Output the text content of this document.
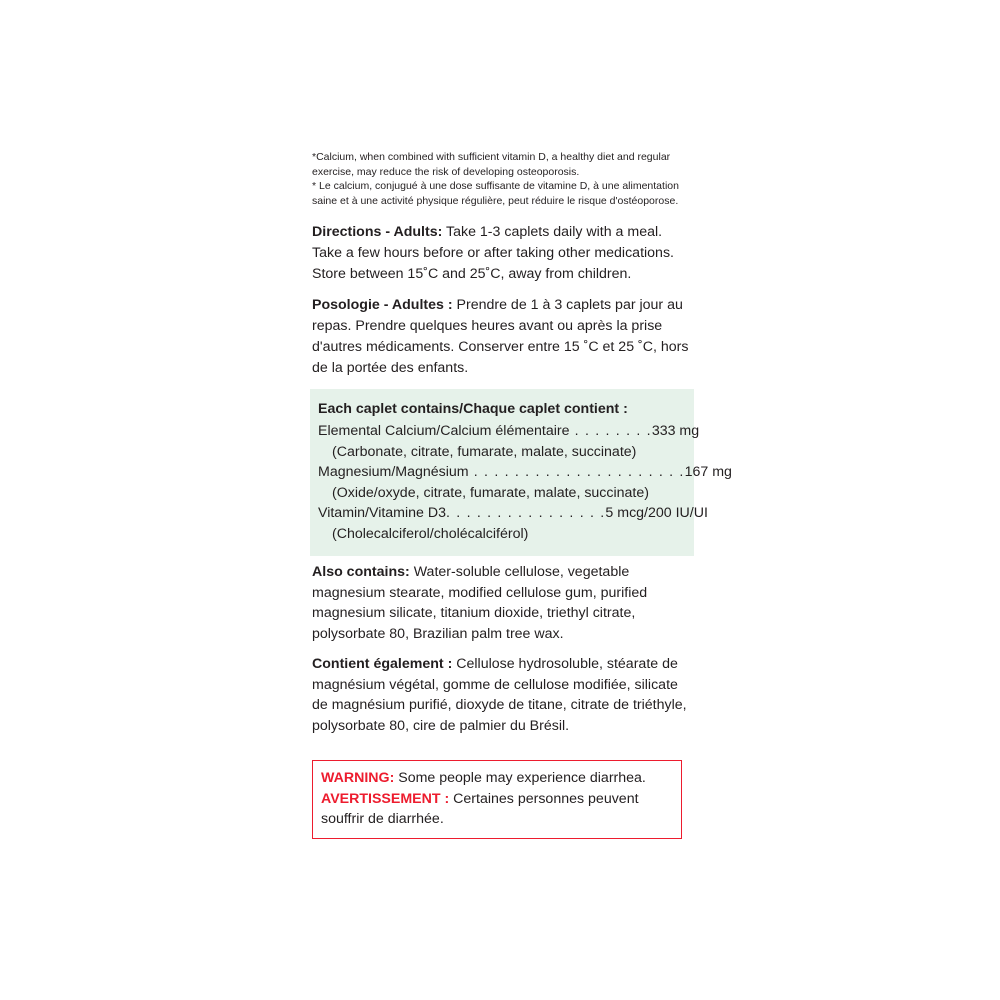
*Calcium, when combined with sufficient vitamin D, a healthy diet and regular exercise, may reduce the risk of developing osteoporosis.

* Le calcium, conjugué à une dose suffisante de vitamine D, à une alimentation saine et à une activité physique régulière, peut réduire le risque d'ostéoporose.

Directions - Adults: Take 1-3 caplets daily with a meal. Take a few hours before or after taking other medications. Store between 15˚C and 25˚C, away from children.
Posologie - Adultes : Prendre de 1 à 3 caplets par jour au repas. Prendre quelques heures avant ou après la prise d'autres médicaments. Conserver entre 15 ˚C et 25 ˚C, hors de la portée des enfants.
Each caplet contains/Chaque caplet contient :
Elemental Calcium/Calcium élémentaire . . . . . . . .333 mg
(Carbonate, citrate, fumarate, malate, succinate)
Magnesium/Magnésium . . . . . . . . . . . . . . . . . . . . .167 mg
(Oxide/oxyde, citrate, fumarate, malate, succinate)
Vitamin/Vitamine D3. . . . . . . . . . . . . . . .5 mcg/200 IU/UI
(Cholecalciferol/cholécalciférol)
Also contains: Water-soluble cellulose, vegetable magnesium stearate, modified cellulose gum, purified magnesium silicate, titanium dioxide, triethyl citrate, polysorbate 80, Brazilian palm tree wax.
Contient également : Cellulose hydrosoluble, stéarate de magnésium végétal, gomme de cellulose modifiée, silicate de magnésium purifié, dioxyde de titane, citrate de triéthyle, polysorbate 80, cire de palmier du Brésil.
WARNING: Some people may experience diarrhea.
AVERTISSEMENT : Certaines personnes peuvent souffrir de diarrhée.
